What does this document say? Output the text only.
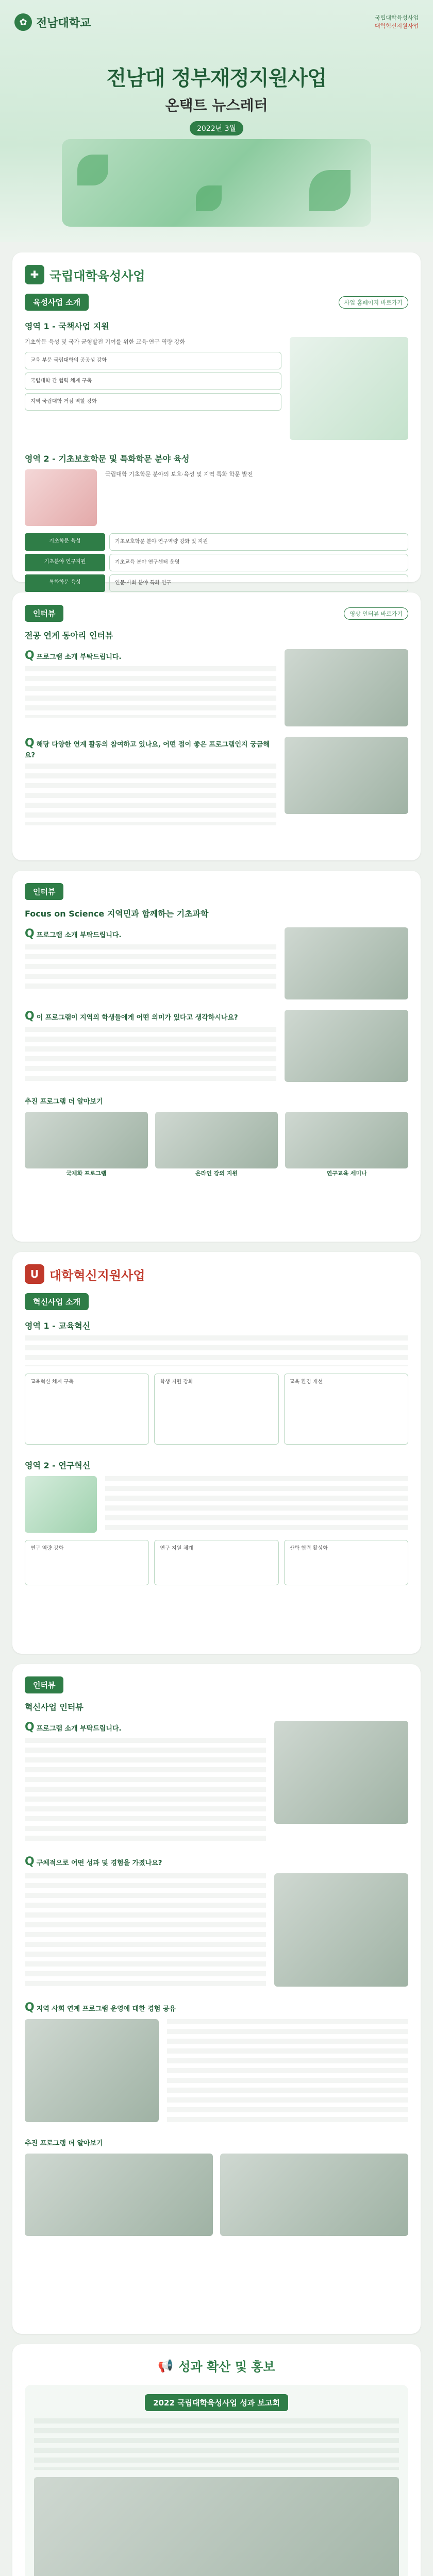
✿ 전남대학교	국립대학육성사업
대학혁신지원사업
전남대 정부재정지원사업
온택트 뉴스레터
2022년 3월
✚ 국립대학육성사업
육성사업 소개	사업 홈페이지 바로가기
영역 1 - 국책사업 지원
기초학문 육성 및 국가 균형발전 기여를 위한 교육·연구 역량 강화
교육 부문 국립대학의 공공성 강화
국립대학 간 협력 체계 구축
지역 국립대학 거점 역할 강화
영역 2 - 기초보호학문 및 특화학문 분야 육성
국립대학 기초학문 분야의 보호·육성 및 지역 특화 학문 발전
기초학문 육성	기초보호학문 분야 연구역량 강화 및 지원
기초분야 연구지원	기초교육 분야 연구센터 운영
특화학문 육성	인문·사회 분야 특화 연구
인터뷰	영상 인터뷰 바로가기
전공 연계 동아리 인터뷰
Q프로그램 소개 부탁드립니다.
Q해당 다양한 연계 활동의 참여하고 있나요, 어떤 점이 좋은 프로그램인지 궁금해요?
인터뷰
Focus on Science 지역민과 함께하는 기초과학
Q프로그램 소개 부탁드립니다.
Q이 프로그램이 지역의 학생들에게 어떤 의미가 있다고 생각하시나요?
추진 프로그램 더 알아보기
국제화 프로그램	온라인 강의 지원	연구교육 세미나
U 대학혁신지원사업
혁신사업 소개
영역 1 - 교육혁신
교육혁신 체계 구축	학생 지원 강화	교육 환경 개선
영역 2 - 연구혁신
연구 역량 강화	연구 지원 체계	산학 협력 활성화
인터뷰
혁신사업 인터뷰
Q프로그램 소개 부탁드립니다.
Q구체적으로 어떤 성과 및 경험을 가졌나요?
Q지역 사회 연계 프로그램 운영에 대한 경험 공유
추진 프로그램 더 알아보기
📢 성과 확산 및 홍보
2022 국립대학육성사업 성과 보고회
